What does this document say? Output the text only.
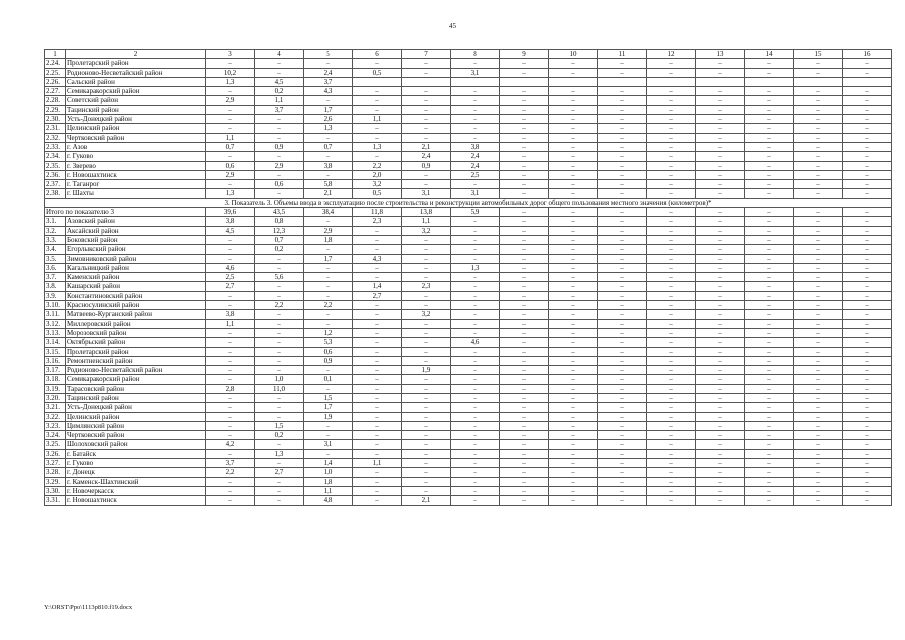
45
1	2	3	4	5	6	7	8	9	10	11	12	13	14	15	16
2.24.	Пролетарский район	–	–	–	–	–	–	–	–	–	–	–	–	–	–
2.25.	Родионово-Несветайский район	10,2	–	2,4	0,5	–	3,1	–	–	–	–	–	–	–	–
2.26.	Сальский район	1,3	4,5	3,7											
2.27.	Семикаракорский район	–	0,2	4,3	–	–	–	–	–	–	–	–	–	–	–
2.28.	Советский район	2,9	1,1	–	–	–	–	–	–	–	–	–	–	–	–
2.29.	Тацинский район	–	3,7	1,7	–	–	–	–	–	–	–	–	–	–	–
2.30.	Усть-Донецкий район	–	–	2,6	1,1	–	–	–	–	–	–	–	–	–	–
2.31.	Целинский район	–	–	1,3	–	–	–	–	–	–	–	–	–	–	–
2.32.	Чертковский район	1,1	–	–	–	–	–	–	–	–	–	–	–	–	–
2.33.	г. Азов	0,7	0,9	0,7	1,3	2,1	3,8	–	–	–	–	–	–	–	–
2.34.	г. Гуково	–	–	–	–	2,4	2,4	–	–	–	–	–	–	–	–
2.35.	г. Зверево	0,6	2,9	3,8	2,2	0,9	2,4	–	–	–	–	–	–	–	–
2.36.	г. Новошахтинск	2,9	–	–	2,0	–	2,5	–	–	–	–	–	–	–	–
2.37.	г. Таганрог	–	0,6	5,8	3,2	–	–	–	–	–	–	–	–	–	–
2.38.	г. Шахты	1,3	–	2,1	0,5	3,1	3,1	–	–	–	–	–	–	–	–
3. Показатель 3. Объемы ввода в эксплуатацию после строительства и реконструкции автомобильных дорог общего пользования местного значения (километров)*															
Итого по показателю 3		39,6	43,5	38,4	11,8	13,8	5,9	–	–	–	–	–	–	–	–
3.1.	Азовский район	3,8	0,8	–	2,3	1,1	–	–	–	–	–	–	–	–	–
3.2.	Аксайский район	4,5	12,3	2,9	–	3,2	–	–	–	–	–	–	–	–	–
3.3.	Боковский район	–	0,7	1,8	–	–	–	–	–	–	–	–	–	–	–
3.4.	Егорлыкский район	–	0,2	–	–	–	–	–	–	–	–	–	–	–	–
3.5.	Зимовниковский район	–	–	1,7	4,3	–	–	–	–	–	–	–	–	–	–
3.6.	Кагальницкий район	4,6	–	–	–	–	1,3	–	–	–	–	–	–	–	–
3.7.	Каменский район	2,5	5,6	–	–	–	–	–	–	–	–	–	–	–	–
3.8.	Кашарский район	2,7	–	–	1,4	2,3	–	–	–	–	–	–	–	–	–
3.9.	Константиновский район	–	–	–	2,7	–	–	–	–	–	–	–	–	–	–
3.10.	Красносулинский район	–	2,2	2,2	–	–	–	–	–	–	–	–	–	–	–
3.11.	Матвеево-Курганский район	3,8	–	–	–	3,2	–	–	–	–	–	–	–	–	–
3.12.	Миллеровский район	1,1	–	–	–	–	–	–	–	–	–	–	–	–	–
3.13.	Морозовский район	–	–	1,2	–	–	–	–	–	–	–	–	–	–	–
3.14.	Октябрьский район	–	–	5,3	–	–	4,6	–	–	–	–	–	–	–	–
3.15.	Пролетарский район	–	–	0,6	–	–	–	–	–	–	–	–	–	–	–
3.16.	Ремонтненский район	–	–	0,9	–	–	–	–	–	–	–	–	–	–	–
3.17.	Родионово-Несветайский район	–	–	–	–	1,9	–	–	–	–	–	–	–	–	–
3.18.	Семикаракорский район	–	1,0	0,1	–	–	–	–	–	–	–	–	–	–	–
3.19.	Тарасовский район	2,8	11,0	–	–	–	–	–	–	–	–	–	–	–	–
3.20.	Тацинский район	–	–	1,5	–	–	–	–	–	–	–	–	–	–	–
3.21.	Усть-Донецкий район	–	–	1,7	–	–	–	–	–	–	–	–	–	–	–
3.22.	Целинский район	–	–	1,9	–	–	–	–	–	–	–	–	–	–	–
3.23.	Цимлянский район	–	1,5	–	–	–	–	–	–	–	–	–	–	–	–
3.24.	Чертковский район	–	0,2	–	–	–	–	–	–	–	–	–	–	–	–
3.25.	Шолоховский район	4,2	–	3,1	–	–	–	–	–	–	–	–	–	–	–
3.26.	г. Батайск	–	1,3	–	–	–	–	–	–	–	–	–	–	–	–
3.27.	г. Гуково	3,7	–	1,4	1,1	–	–	–	–	–	–	–	–	–	–
3.28.	г. Донецк	2,2	2,7	1,0	–	–	–	–	–	–	–	–	–	–	–
3.29.	г. Каменск-Шахтинский	–	–	1,8	–	–	–	–	–	–	–	–	–	–	–
3.30.	г. Новочеркасск	–	–	1,1	–	–	–	–	–	–	–	–	–	–	–
3.31.	г. Новошахтинск	–	–	4,8	–	2,1	–	–	–	–	–	–	–	–	–
Y:\ORST\Ppo\1113p810.f19.docx
